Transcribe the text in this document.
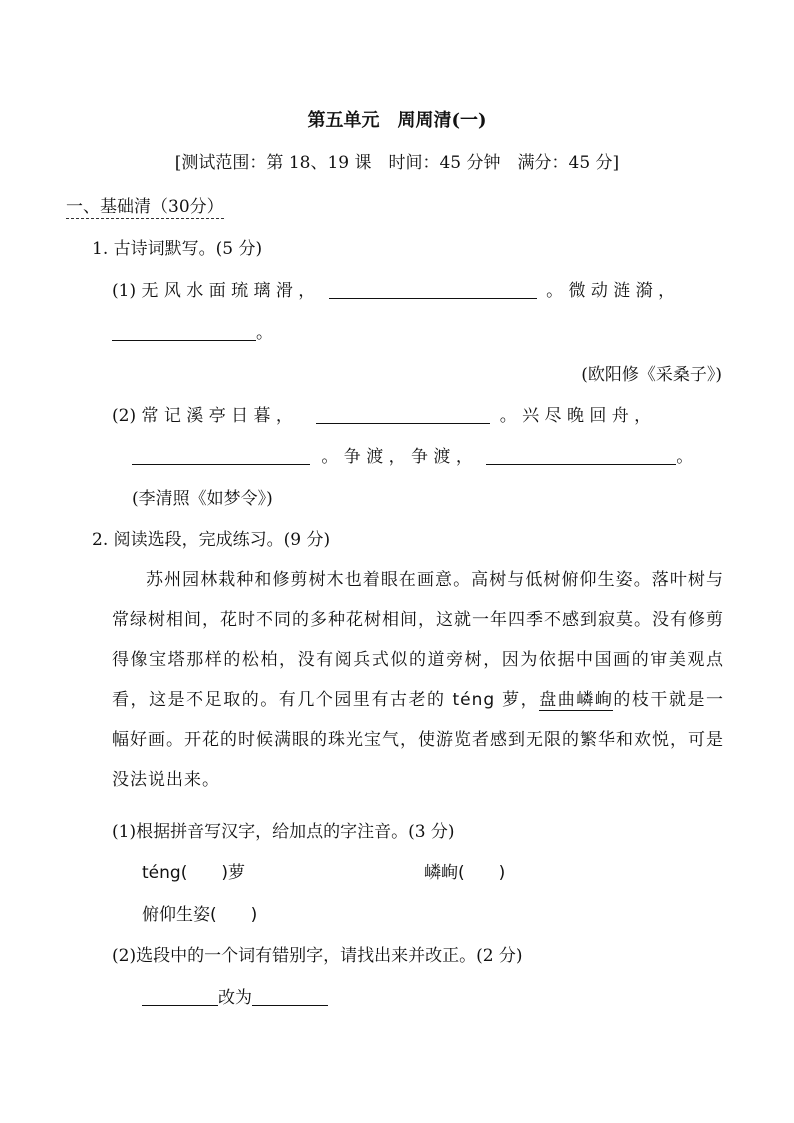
第五单元　周周清(一)
[测试范围：第 18、19 课　时间：45 分钟　满分：45 分]
一、基础清（30分）
1. 古诗词默写。(5 分)
(1) 无 风 水 面 琉 璃 滑 ，	。 微 动 涟 漪 ，
。
(欧阳修《采桑子》)
(2) 常 记 溪 亭 日 暮 ，	。 兴 尽 晚 回 舟 ，
。 争 渡 ， 争 渡 ，	。
(李清照《如梦令》)
2. 阅读选段，完成练习。(9 分)
苏州园林栽种和修剪树木也着眼在画意。高树与低树俯仰生姿。落叶树与常绿树相间，花时不同的多种花树相间，这就一年四季不感到寂莫。没有修剪得像宝塔那样的松柏，没有阅兵式似的道旁树，因为依据中国画的审美观点看，这是不足取的。有几个园里有古老的 téng 萝，盘曲嶙峋的枝干就是一幅好画。开花的时候满眼的珠光宝气，使游览者感到无限的繁华和欢悦，可是没法说出来。
(1)根据拼音写汉字，给加点的字注音。(3 分)
téng(　　)萝	嶙峋(　　)
俯仰生姿(　　)
(2)选段中的一个词有错别字，请找出来并改正。(2 分)
改为
